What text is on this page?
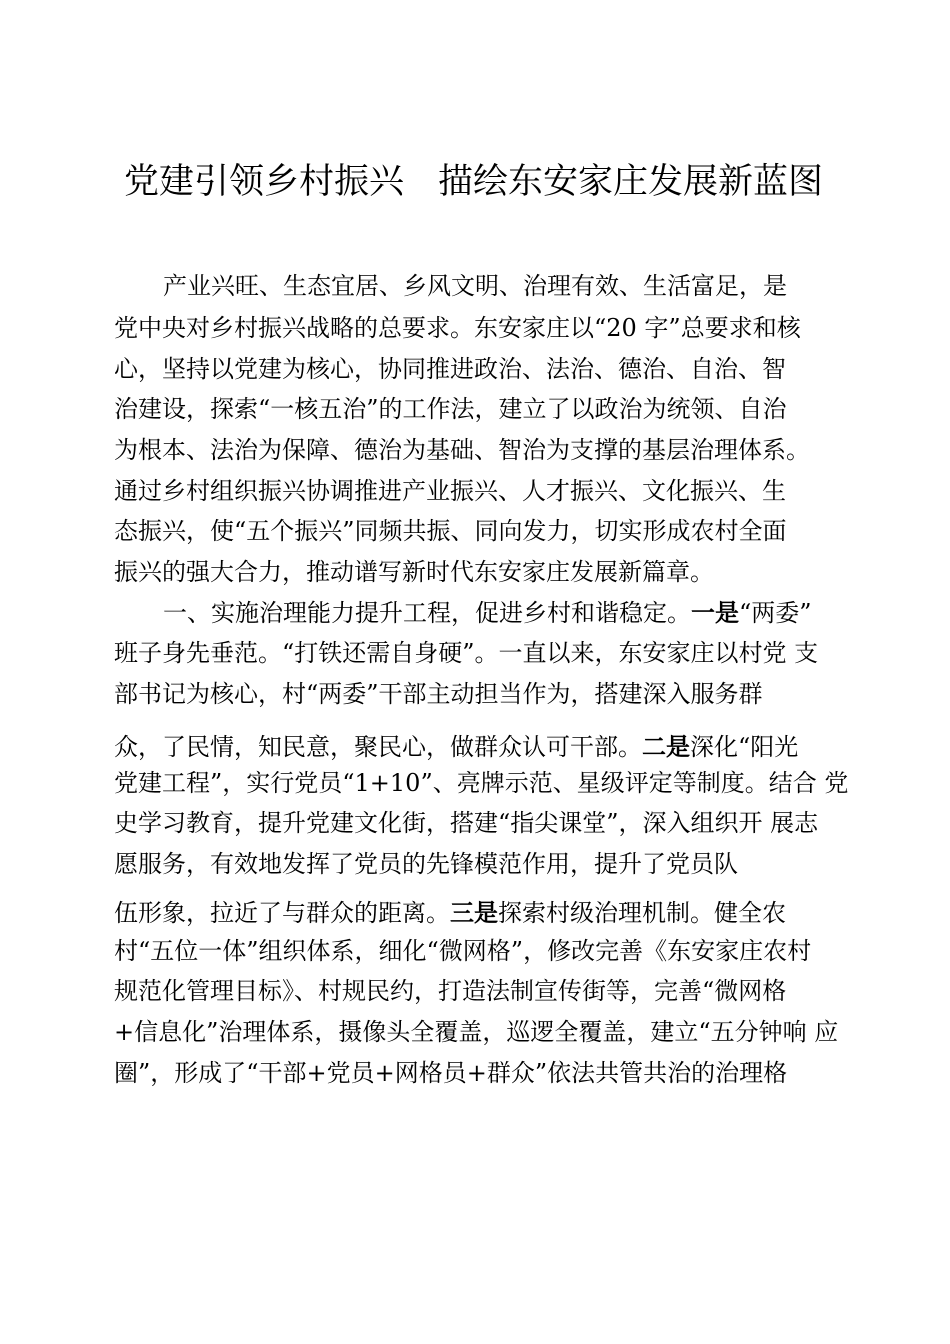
党建引领乡村振兴 描绘东安家庄发展新蓝图
产业兴旺、生态宜居、乡风文明、治理有效、生活富足，是
党中央对乡村振兴战略的总要求。东安家庄以“20 字”总要求和核
心，坚持以党建为核心，协同推进政治、法治、德治、自治、智
治建设，探索“一核五治”的工作法，建立了以政治为统领、自治
为根本、法治为保障、德治为基础、智治为支撑的基层治理体系。
通过乡村组织振兴协调推进产业振兴、人才振兴、文化振兴、生
态振兴，使“五个振兴”同频共振、同向发力，切实形成农村全面
振兴的强大合力，推动谱写新时代东安家庄发展新篇章。
一、实施治理能力提升工程，促进乡村和谐稳定。一是“两委”
班子身先垂范。“打铁还需自身硬”。一直以来，东安家庄以村党 支
部书记为核心，村“两委”干部主动担当作为，搭建深入服务群
众，了民情，知民意，聚民心，做群众认可干部。二是深化“阳光
党建工程”，实行党员“1+10”、亮牌示范、星级评定等制度。结合 党
史学习教育，提升党建文化街，搭建“指尖课堂”，深入组织开 展志
愿服务，有效地发挥了党员的先锋模范作用，提升了党员队
伍形象，拉近了与群众的距离。三是探索村级治理机制。健全农
村“五位一体”组织体系，细化“微网格”，修改完善《东安家庄农村
规范化管理目标》、村规民约，打造法制宣传街等，完善“微网格
+信息化”治理体系，摄像头全覆盖，巡逻全覆盖，建立“五分钟响 应
圈”，形成了“干部+党员+网格员+群众”依法共管共治的治理格
